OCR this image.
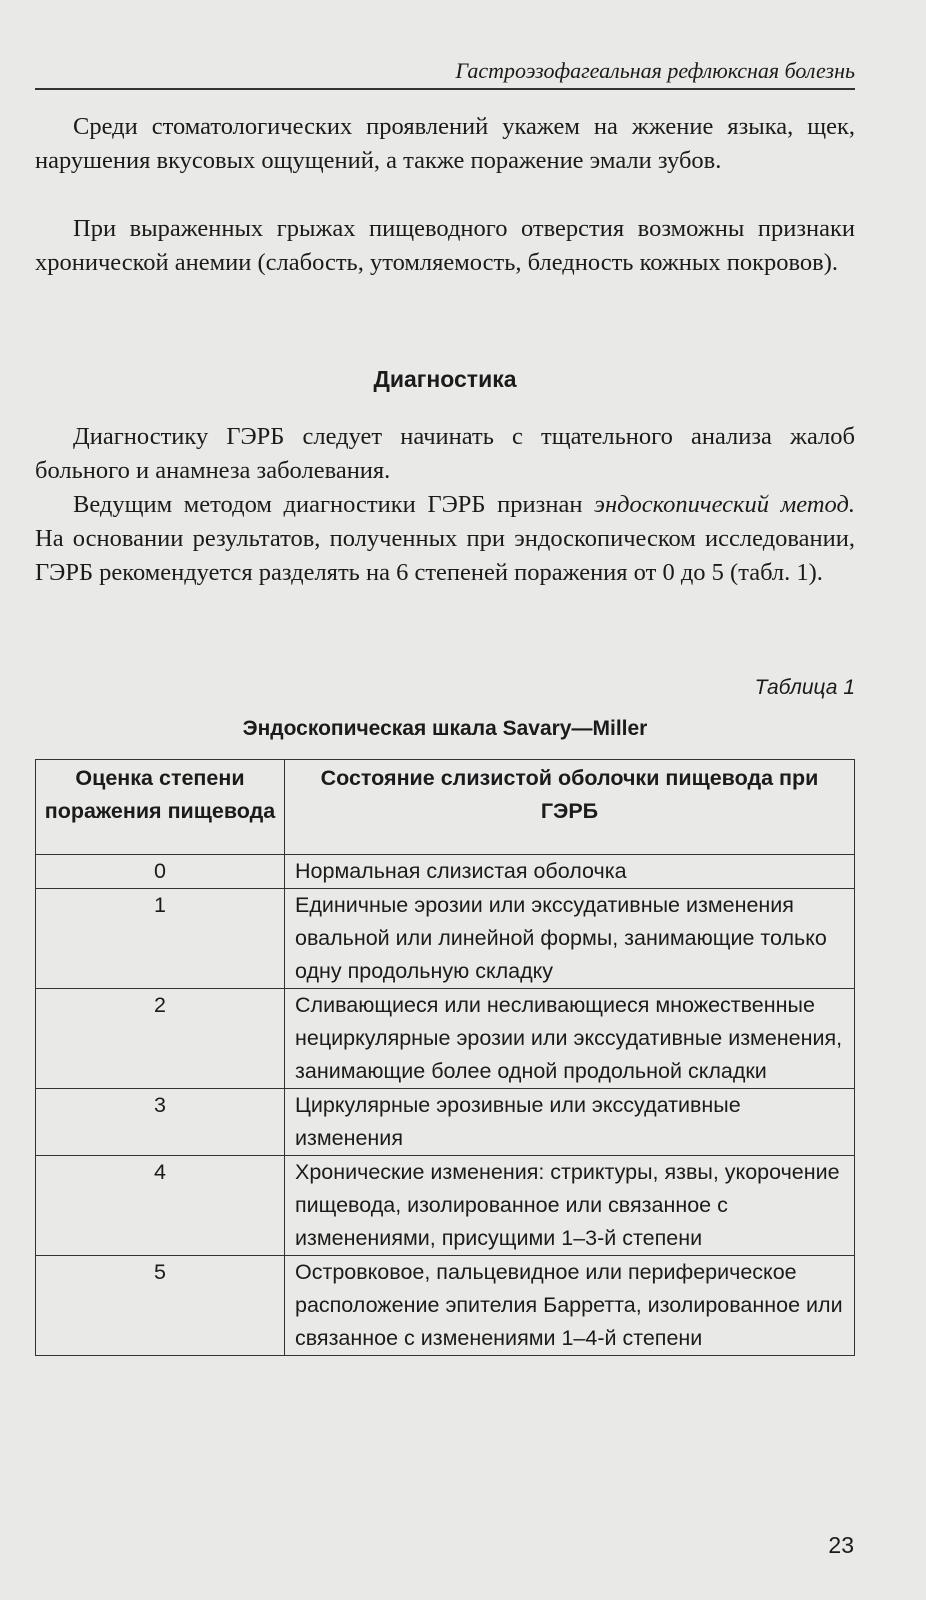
Гастроэзофагеальная рефлюксная болезнь

Среди стоматологических проявлений укажем на жжение языка, щек, нарушения вкусовых ощущений, а также поражение эмали зубов.

При выраженных грыжах пищеводного отверстия возможны признаки хронической анемии (слабость, утомляемость, бледность кожных покровов).

Диагностика

Диагностику ГЭРБ следует начинать с тщательного анализа жалоб больного и анамнеза заболевания.

Ведущим методом диагностики ГЭРБ признан эндоскопический метод. На основании результатов, полученных при эндоскопическом исследовании, ГЭРБ рекомендуется разделять на 6 степеней поражения от 0 до 5 (табл. 1).

Таблица 1
Эндоскопическая шкала Savary—Miller
Оценка степени поражения пищевода	Состояние слизистой оболочки пищевода при ГЭРБ
0	Нормальная слизистая оболочка
1	Единичные эрозии или экссудативные изменения овальной или линейной формы, занимающие только одну продольную складку
2	Сливающиеся или несливающиеся множественные нециркулярные эрозии или экссудативные изменения, занимающие более одной продольной складки
3	Циркулярные эрозивные или экссудативные изменения
4	Хронические изменения: стриктуры, язвы, укорочение пищевода, изолированное или связанное с изменениями, присущими 1–3-й степени
5	Островковое, пальцевидное или периферическое расположение эпителия Барретта, изолированное или связанное с изменениями 1–4-й степени
23
